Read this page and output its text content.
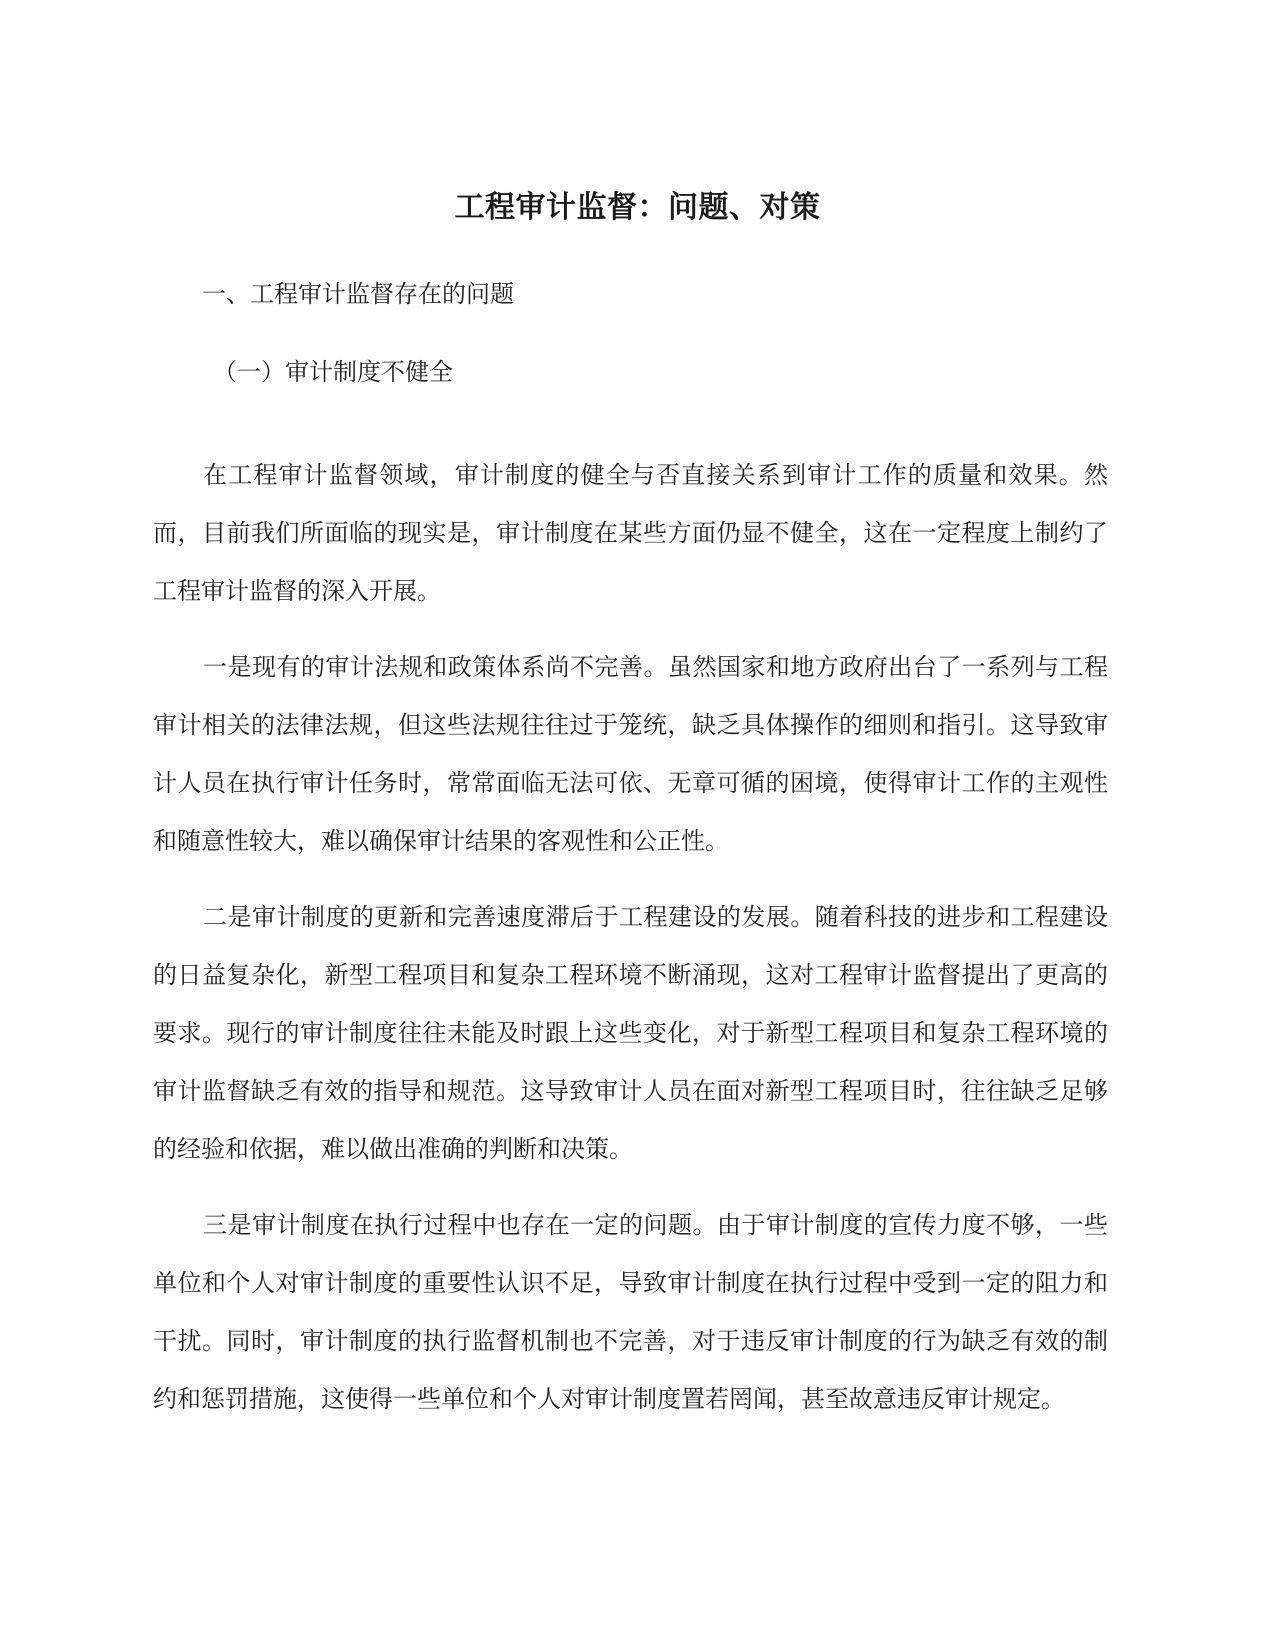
工程审计监督：问题、对策
一、工程审计监督存在的问题
（一）审计制度不健全

在工程审计监督领域，审计制度的健全与否直接关系到审计工作的质量和效果。然而，目前我们所面临的现实是，审计制度在某些方面仍显不健全，这在一定程度上制约了工程审计监督的深入开展。

一是现有的审计法规和政策体系尚不完善。虽然国家和地方政府出台了一系列与工程审计相关的法律法规，但这些法规往往过于笼统，缺乏具体操作的细则和指引。这导致审计人员在执行审计任务时，常常面临无法可依、无章可循的困境，使得审计工作的主观性和随意性较大，难以确保审计结果的客观性和公正性。

二是审计制度的更新和完善速度滞后于工程建设的发展。随着科技的进步和工程建设的日益复杂化，新型工程项目和复杂工程环境不断涌现，这对工程审计监督提出了更高的要求。现行的审计制度往往未能及时跟上这些变化，对于新型工程项目和复杂工程环境的审计监督缺乏有效的指导和规范。这导致审计人员在面对新型工程项目时，往往缺乏足够的经验和依据，难以做出准确的判断和决策。

三是审计制度在执行过程中也存在一定的问题。由于审计制度的宣传力度不够，一些单位和个人对审计制度的重要性认识不足，导致审计制度在执行过程中受到一定的阻力和干扰。同时，审计制度的执行监督机制也不完善，对于违反审计制度的行为缺乏有效的制约和惩罚措施，这使得一些单位和个人对审计制度置若罔闻，甚至故意违反审计规定。
